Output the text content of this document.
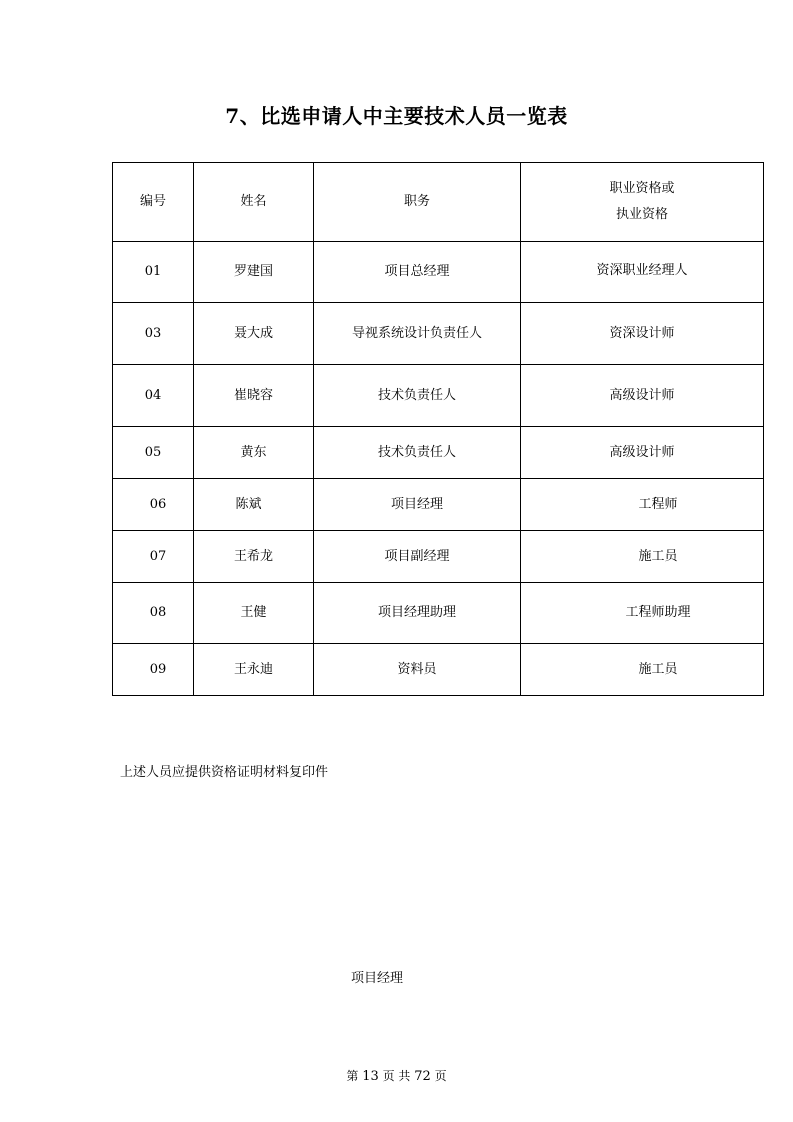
7、比选申请人中主要技术人员一览表
编号	姓名	职务	职业资格或
执业资格

01	罗建国	项目总经理	资深职业经理人
03	聂大成	导视系统设计负责任人	资深设计师
04	崔晓容	技术负责任人	高级设计师
05	黄东	技术负责任人	高级设计师
06	陈斌	项目经理	工程师
07	王希龙	项目副经理	施工员
08	王健	项目经理助理	工程师助理
09	王永迪	资料员	施工员
上述人员应提供资格证明材料复印件
项目经理
第 13 页 共 72 页
